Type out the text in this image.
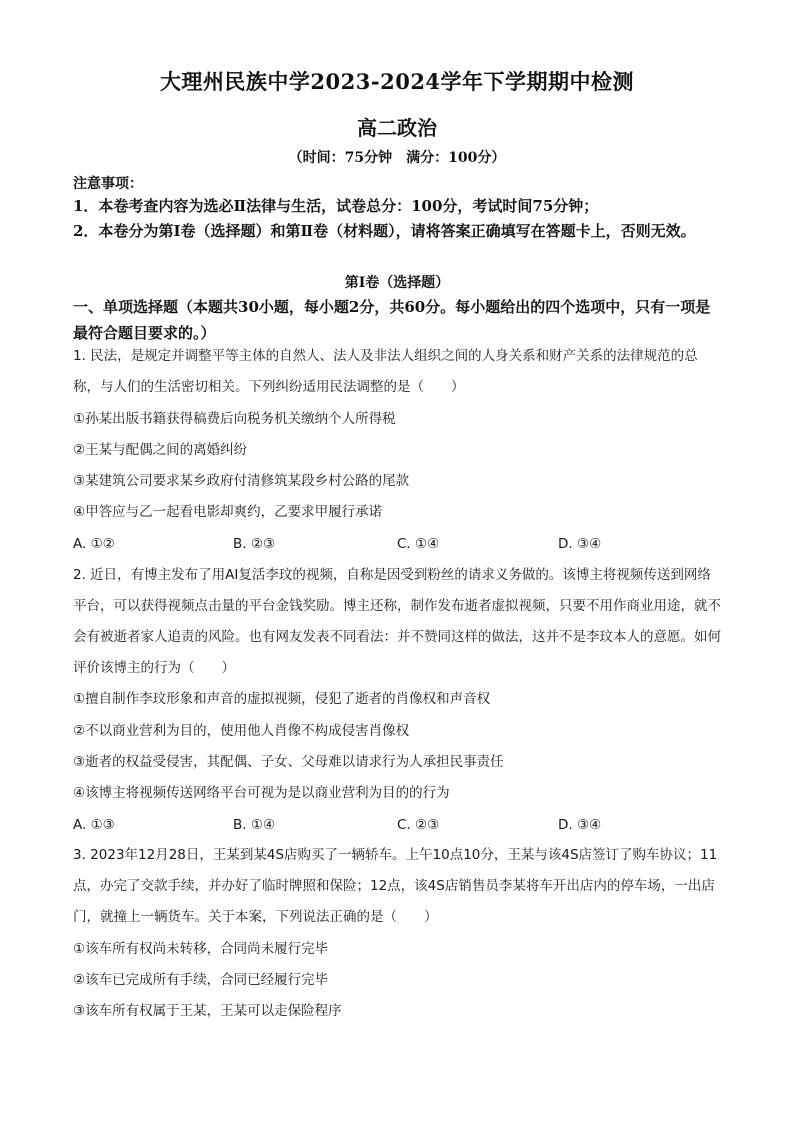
大理州民族中学2023-2024学年下学期期中检测
高二政治
（时间：75分钟　满分：100分）
注意事项：
1．本卷考查内容为选必Ⅱ法律与生活，试卷总分：100分，考试时间75分钟；
2．本卷分为第Ⅰ卷（选择题）和第Ⅱ卷（材料题），请将答案正确填写在答题卡上，否则无效。
第Ⅰ卷（选择题）
一、单项选择题（本题共30小题，每小题2分，共60分。每小题给出的四个选项中，只有一项是最符合题目要求的。）
1. 民法，是规定并调整平等主体的自然人、法人及非法人组织之间的人身关系和财产关系的法律规范的总称，与人们的生活密切相关。下列纠纷适用民法调整的是（　　）
①孙某出版书籍获得稿费后向税务机关缴纳个人所得税
②王某与配偶之间的离婚纠纷
③某建筑公司要求某乡政府付清修筑某段乡村公路的尾款
④甲答应与乙一起看电影却爽约，乙要求甲履行承诺
A. ①②	B. ②③	C. ①④	D. ③④
2. 近日，有博主发布了用AI复活李玟的视频，自称是因受到粉丝的请求义务做的。该博主将视频传送到网络平台，可以获得视频点击量的平台金钱奖励。博主还称，制作发布逝者虚拟视频，只要不用作商业用途，就不会有被逝者家人追责的风险。也有网友发表不同看法：并不赞同这样的做法，这并不是李玟本人的意愿。如何评价该博主的行为（　　）
①擅自制作李玟形象和声音的虚拟视频，侵犯了逝者的肖像权和声音权
②不以商业营利为目的，使用他人肖像不构成侵害肖像权
③逝者的权益受侵害，其配偶、子女、父母难以请求行为人承担民事责任
④该博主将视频传送网络平台可视为是以商业营利为目的的行为
A. ①③	B. ①④	C. ②③	D. ③④
3. 2023年12月28日，王某到某4S店购买了一辆轿车。上午10点10分，王某与该4S店签订了购车协议；11点，办完了交款手续，并办好了临时牌照和保险；12点，该4S店销售员李某将车开出店内的停车场，一出店门，就撞上一辆货车。关于本案，下列说法正确的是（　　）
①该车所有权尚未转移，合同尚未履行完毕
②该车已完成所有手续，合同已经履行完毕
③该车所有权属于王某，王某可以走保险程序
